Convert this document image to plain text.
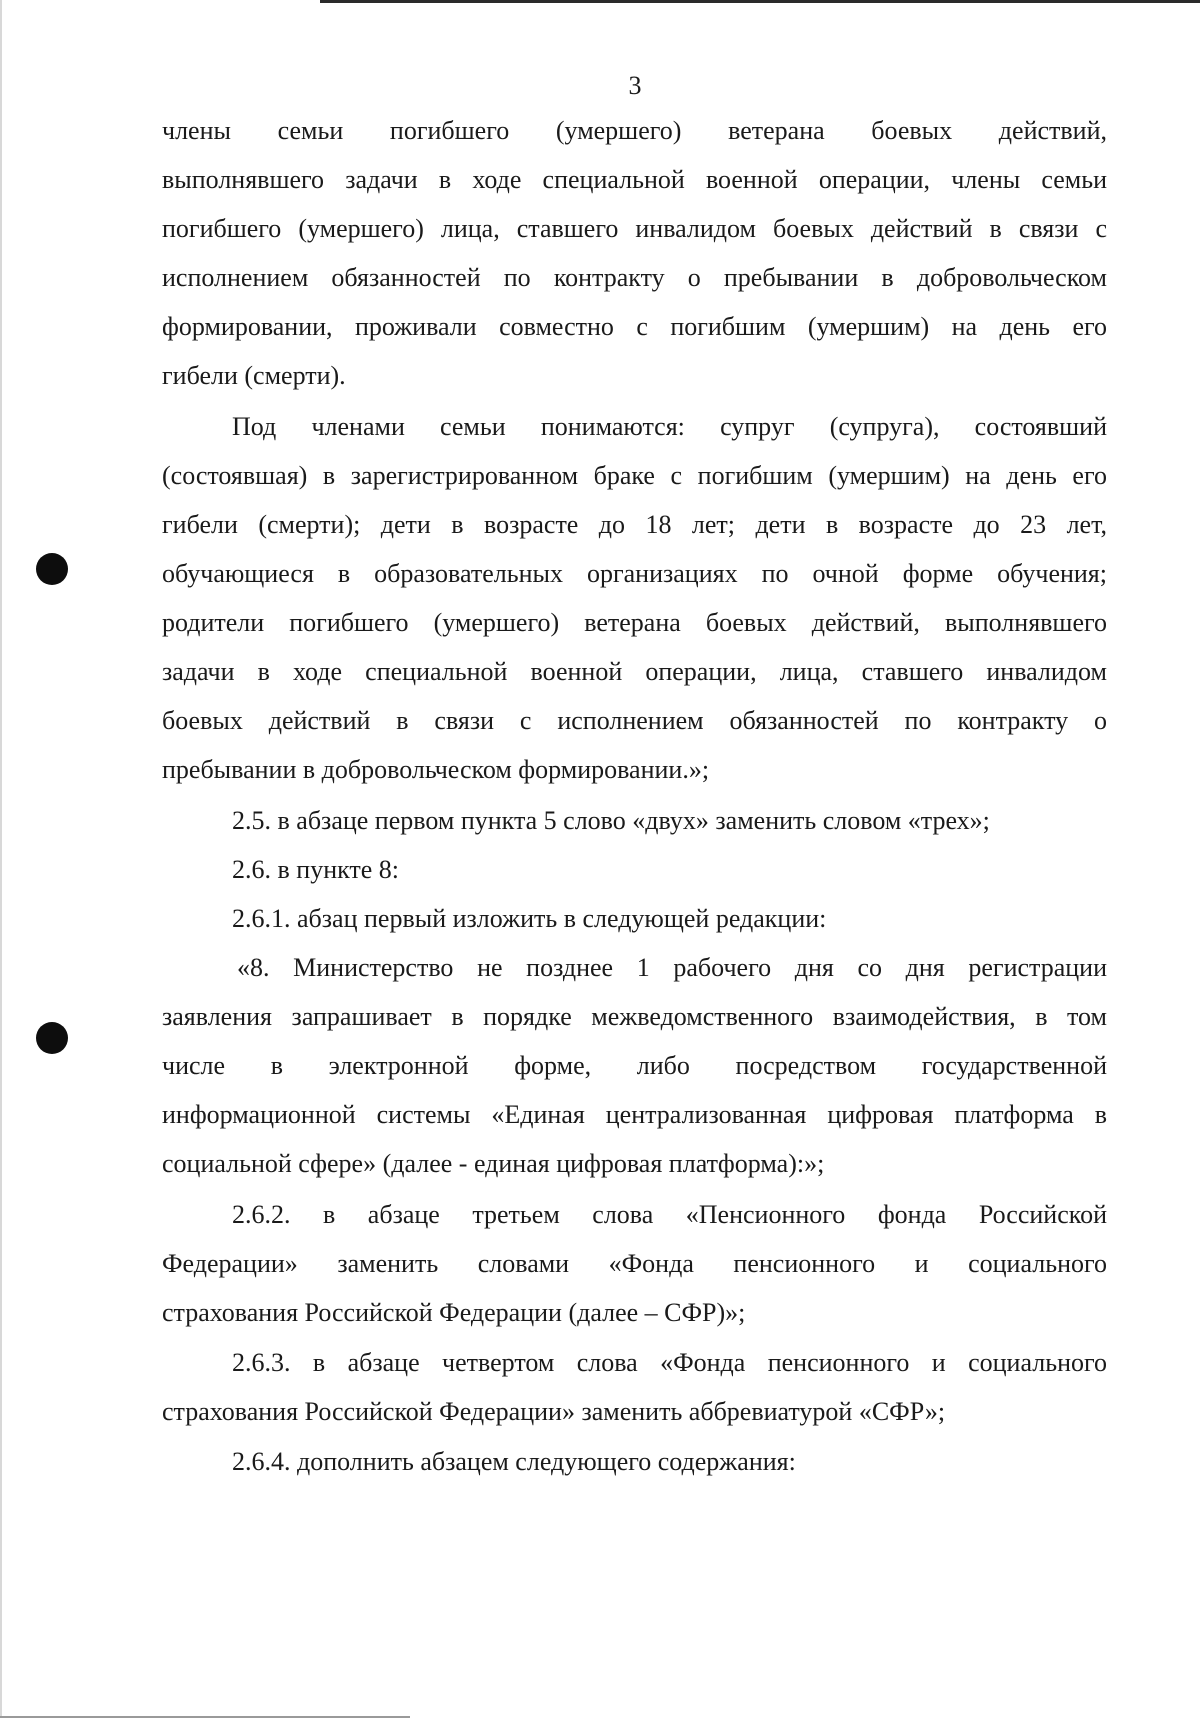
3
члены семьи погибшего (умершего) ветерана боевых действий,
выполнявшего задачи в ходе специальной военной операции, члены семьи
погибшего (умершего) лица, ставшего инвалидом боевых действий в связи с
исполнением обязанностей по контракту о пребывании в добровольческом
формировании, проживали совместно с погибшим (умершим) на день его
гибели (смерти).
Под членами семьи понимаются: супруг (супруга), состоявший
(состоявшая) в зарегистрированном браке с погибшим (умершим) на день его
гибели (смерти); дети в возрасте до 18 лет; дети в возрасте до 23 лет,
обучающиеся в образовательных организациях по очной форме обучения;
родители погибшего (умершего) ветерана боевых действий, выполнявшего
задачи в ходе специальной военной операции, лица, ставшего инвалидом
боевых действий в связи с исполнением обязанностей по контракту о
пребывании в добровольческом формировании.»;
2.5. в абзаце первом пункта 5 слово «двух» заменить словом «трех»;
2.6. в пункте 8:
2.6.1. абзац первый изложить в следующей редакции:
«8. Министерство не позднее 1 рабочего дня со дня регистрации
заявления запрашивает в порядке межведомственного взаимодействия, в том
числе в электронной форме, либо посредством государственной
информационной системы «Единая централизованная цифровая платформа в
социальной сфере» (далее - единая цифровая платформа):»;
2.6.2. в абзаце третьем слова «Пенсионного фонда Российской
Федерации» заменить словами «Фонда пенсионного и социального
страхования Российской Федерации (далее – СФР)»;
2.6.3. в абзаце четвертом слова «Фонда пенсионного и социального
страхования Российской Федерации» заменить аббревиатурой «СФР»;
2.6.4. дополнить абзацем следующего содержания:
